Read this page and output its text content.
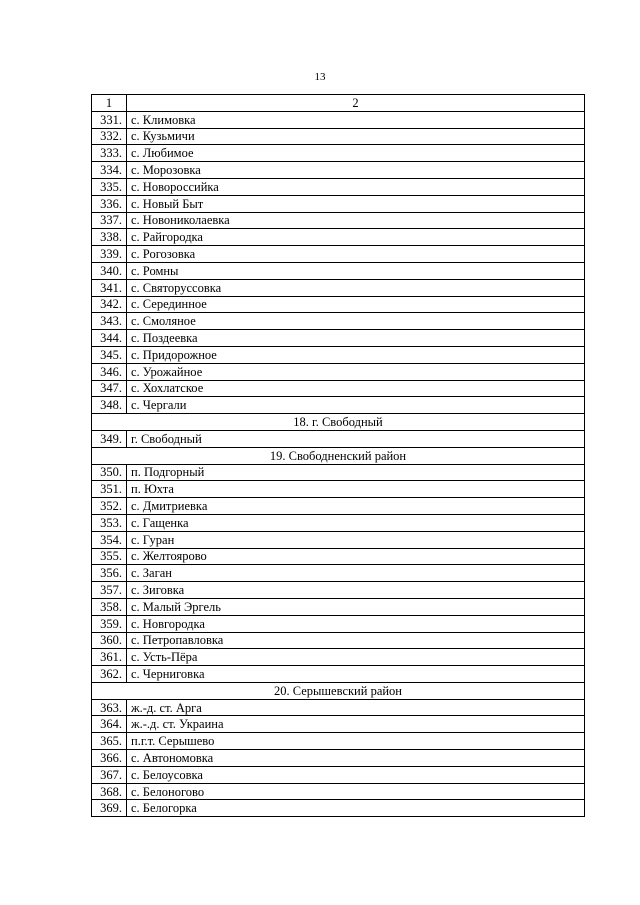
13
1	2
331.	с. Климовка
332.	с. Кузьмичи
333.	с. Любимое
334.	с. Морозовка
335.	с. Новороссийка
336.	с. Новый Быт
337.	с. Новониколаевка
338.	с. Райгородка
339.	с. Рогозовка
340.	с. Ромны
341.	с. Святоруссовка
342.	с. Серединное
343.	с. Смоляное
344.	с. Поздеевка
345.	с. Придорожное
346.	с. Урожайное
347.	с. Хохлатское
348.	с. Чергали
18. г. Свободный	
349.	г. Свободный
19. Свободненский район	
350.	п. Подгорный
351.	п. Юхта
352.	с. Дмитриевка
353.	с. Гащенка
354.	с. Гуран
355.	с. Желтоярово
356.	с. Заган
357.	с. Зиговка
358.	с. Малый Эргель
359.	с. Новгородка
360.	с. Петропавловка
361.	с. Усть-Пёра
362.	с. Черниговка
20. Серышевский район	
363.	ж.-д. ст. Арга
364.	ж.-.д. ст. Украина
365.	п.г.т. Серышево
366.	с. Автономовка
367.	с. Белоусовка
368.	с. Белоногово
369.	с. Белогорка
